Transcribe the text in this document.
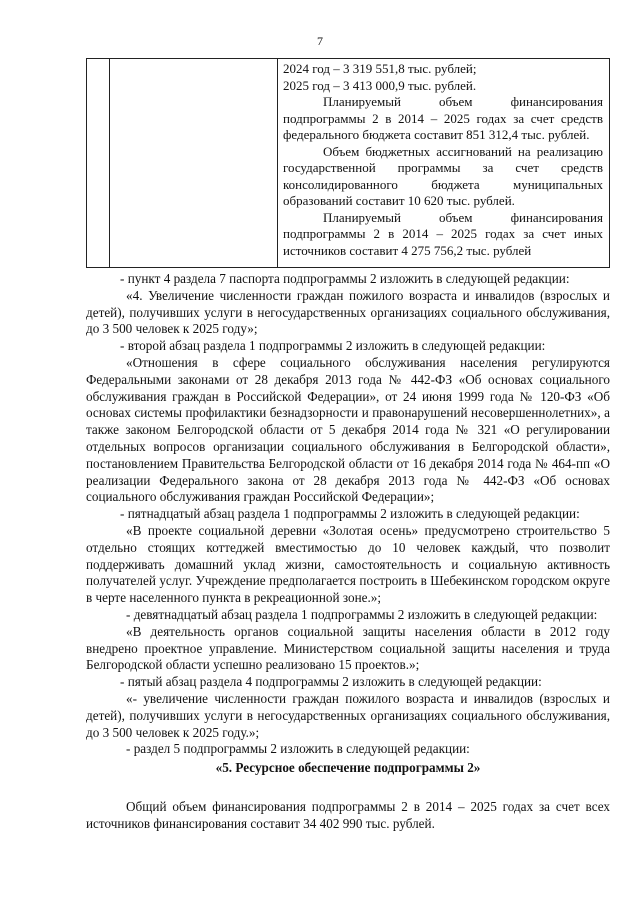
7

2024 год – 3 319 551,8 тыс. рублей;

2025 год – 3 413 000,9 тыс. рублей.

Планируемый объем финансирования подпрограммы 2 в 2014 – 2025 годах за счет средств федерального бюджета составит 851 312,4 тыс. рублей.

Объем бюджетных ассигнований на реализацию государственной программы за счет средств консолидированного бюджета муниципальных образований составит 10 620 тыс. рублей.

Планируемый объем финансирования подпрограммы 2 в 2014 – 2025 годах за счет иных источников составит 4 275 756,2 тыс. рублей

- пункт 4 раздела 7 паспорта подпрограммы 2 изложить в следующей редакции:

«4. Увеличение численности граждан пожилого возраста и инвалидов (взрослых и детей), получивших услуги в негосударственных организациях социального обслуживания, до 3 500 человек к 2025 году»;

- второй абзац раздела 1 подпрограммы 2 изложить в следующей редакции:

«Отношения в сфере социального обслуживания населения регулируются Федеральными законами от 28 декабря 2013 года № 442-ФЗ «Об основах социального обслуживания граждан в Российской Федерации», от 24 июня 1999 года № 120-ФЗ «Об основах системы профилактики безнадзорности и правонарушений несовершеннолетних», а также законом Белгородской области от 5 декабря 2014 года № 321 «О регулировании отдельных вопросов организации социального обслуживания в Белгородской области», постановлением Правительства Белгородской области от 16 декабря 2014 года № 464-пп «О реализации Федерального закона от 28 декабря 2013 года № 442-ФЗ «Об основах социального обслуживания граждан Российской Федерации»;

- пятнадцатый абзац раздела 1 подпрограммы 2 изложить в следующей редакции:

«В проекте социальной деревни «Золотая осень» предусмотрено строительство 5 отдельно стоящих коттеджей вместимостью до 10 человек каждый, что позволит поддерживать домашний уклад жизни, самостоятельность и социальную активность получателей услуг. Учреждение предполагается построить в Шебекинском городском округе в черте населенного пункта в рекреационной зоне.»;

- девятнадцатый абзац раздела 1 подпрограммы 2 изложить в следующей редакции:

«В деятельность органов социальной защиты населения области в 2012 году внедрено проектное управление. Министерством социальной защиты населения и труда Белгородской области успешно реализовано 15 проектов.»;

- пятый абзац раздела 4 подпрограммы 2 изложить в следующей редакции:

«- увеличение численности граждан пожилого возраста и инвалидов (взрослых и детей), получивших услуги в негосударственных организациях социального обслуживания, до 3 500 человек к 2025 году.»;

- раздел 5 подпрограммы 2 изложить в следующей редакции:

«5. Ресурсное обеспечение подпрограммы 2»

Общий объем финансирования подпрограммы 2 в 2014 – 2025 годах за счет всех источников финансирования составит 34 402 990 тыс. рублей.
